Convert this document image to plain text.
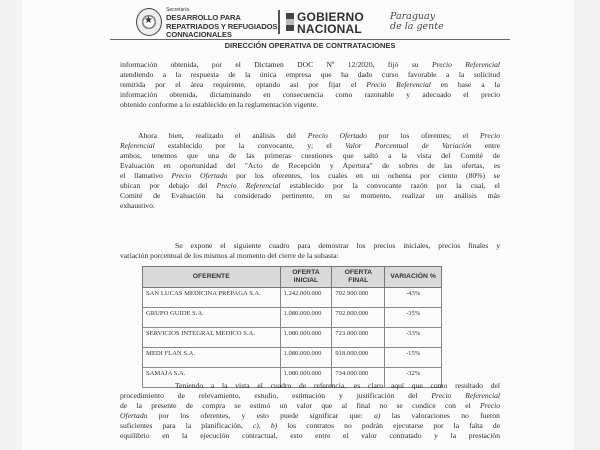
★
Secretaría
DESARROLLO PARA
REPATRIADOS Y REFUGIADOS
CONNACIONALES
GOBIERNO
NACIONAL
Paraguay
de la gente
DIRECCIÓN OPERATIVA DE CONTRATACIONES
información obtenida, por el Dictamen DOC Nº 12/2020, fijó su Precio Referencial
atendiendo a la respuesta de la única empresa que ha dado curso favorable a la solicitud
remitida por el área requirente, optando así por fijar el Precio Referencial en base a la
información obtenida, dictaminando en consecuencia como razonable y adecuado el precio
obtenido conforme a lo establecido en la reglamentación vigente.
Ahora bien, realizado el análisis del Precio Ofertado por los oferentes; el Precio
Referencial establecido por la convocante, y; el Valor Porcentual de Variación entre
ambos, tenemos que una de las primeras cuestiones que saltó a la vista del Comité de
Evaluación en oportunidad del "Acto de Recepción y Apertura" de sobres de las ofertas, es
el llamativo Precio Ofertado por los oferentes, los cuales en un ochenta por ciento (80%) se
ubican por debajo del Precio Referencial establecido por la convocante razón por la cual, el
Comité de Evaluación ha considerado pertinente, en su momento, realizar un análisis más
exhaustivo.
Se expone el siguiente cuadro para demostrar los precios iniciales, precios finales y
variación porcentual de los mismos al momento del cierre de la subasta:
OFERENTE	OFERTA INICIAL	OFERTA FINAL	VARIACIÓN %
SAN LUCAS MEDICINA PREPAGA S.A.	1.242.000.000	702.900.000	-43%
GRUPO GUIDE S.A.	1.080.000.000	702.000.000	-35%
SERVICIOS INTEGRAL MEDICO S.A.	1.080.000.000	723.000.000	-33%
MEDI FLAN S.A.	1.080.000.000	918.000.000	-15%
SAMAJA S.A.	1.080.000.000	734.000.000	-32%
Teniendo a la vista el cuadro de referencia, es claro aquí que como resultado del
procedimiento de relevamiento, estudio, estimación y justificación del Precio Referencial
de la presente de compra se estimó un valor que al final no se condice con el Precio
Ofertado por los oferentes, y esto puede significar que: a) las valoraciones no fueron
suficientes para la planificación, c), b) los contratos no podrán ejecutarse por la falta de
equilibrio en la ejecución contractual, esto entre el valor contratado y la prestación
